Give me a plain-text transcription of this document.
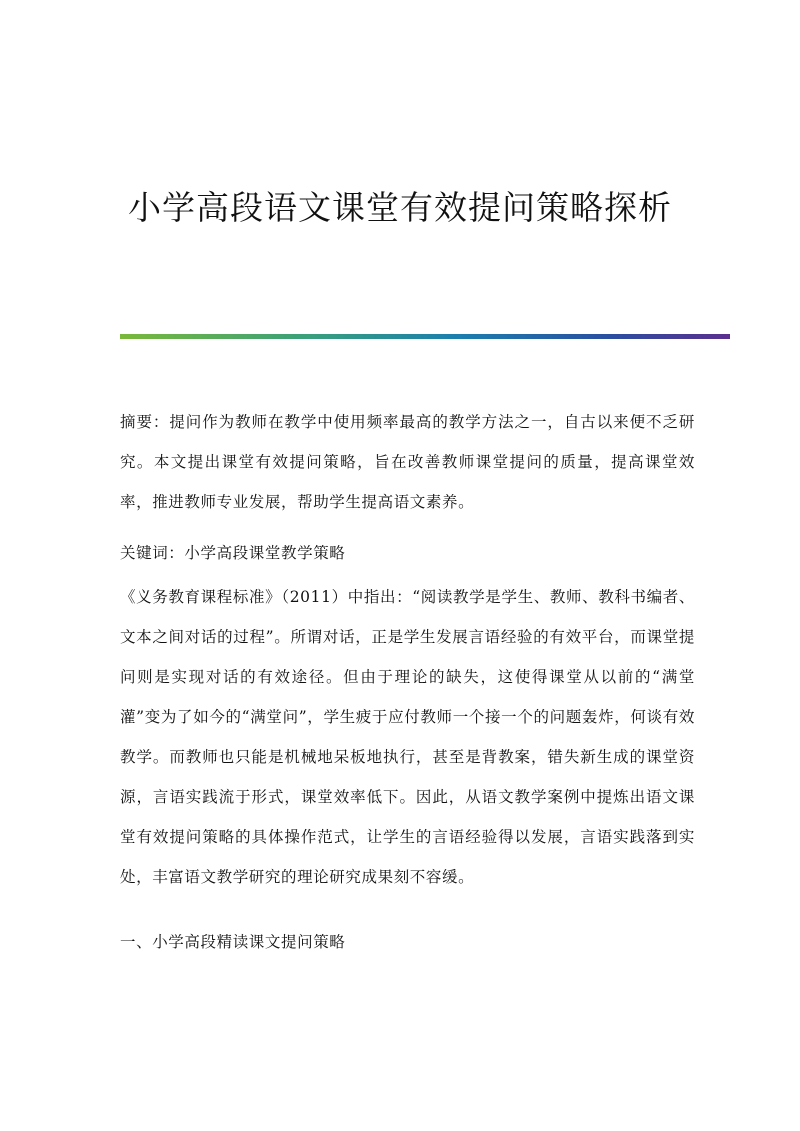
小学高段语文课堂有效提问策略探析

摘要：提问作为教师在教学中使用频率最高的教学方法之一，自古以来便不乏研究。本文提出课堂有效提问策略，旨在改善教师课堂提问的质量，提高课堂效率，推进教师专业发展，帮助学生提高语文素养。

关键词：小学高段课堂教学策略

《义务教育课程标准》（2011）中指出：“阅读教学是学生、教师、教科书编者、文本之间对话的过程”。所谓对话，正是学生发展言语经验的有效平台，而课堂提问则是实现对话的有效途径。但由于理论的缺失，这使得课堂从以前的“满堂灌”变为了如今的“满堂问”，学生疲于应付教师一个接一个的问题轰炸，何谈有效教学。而教师也只能是机械地呆板地执行，甚至是背教案，错失新生成的课堂资源，言语实践流于形式，课堂效率低下。因此，从语文教学案例中提炼出语文课堂有效提问策略的具体操作范式，让学生的言语经验得以发展，言语实践落到实处，丰富语文教学研究的理论研究成果刻不容缓。

一、小学高段精读课文提问策略
